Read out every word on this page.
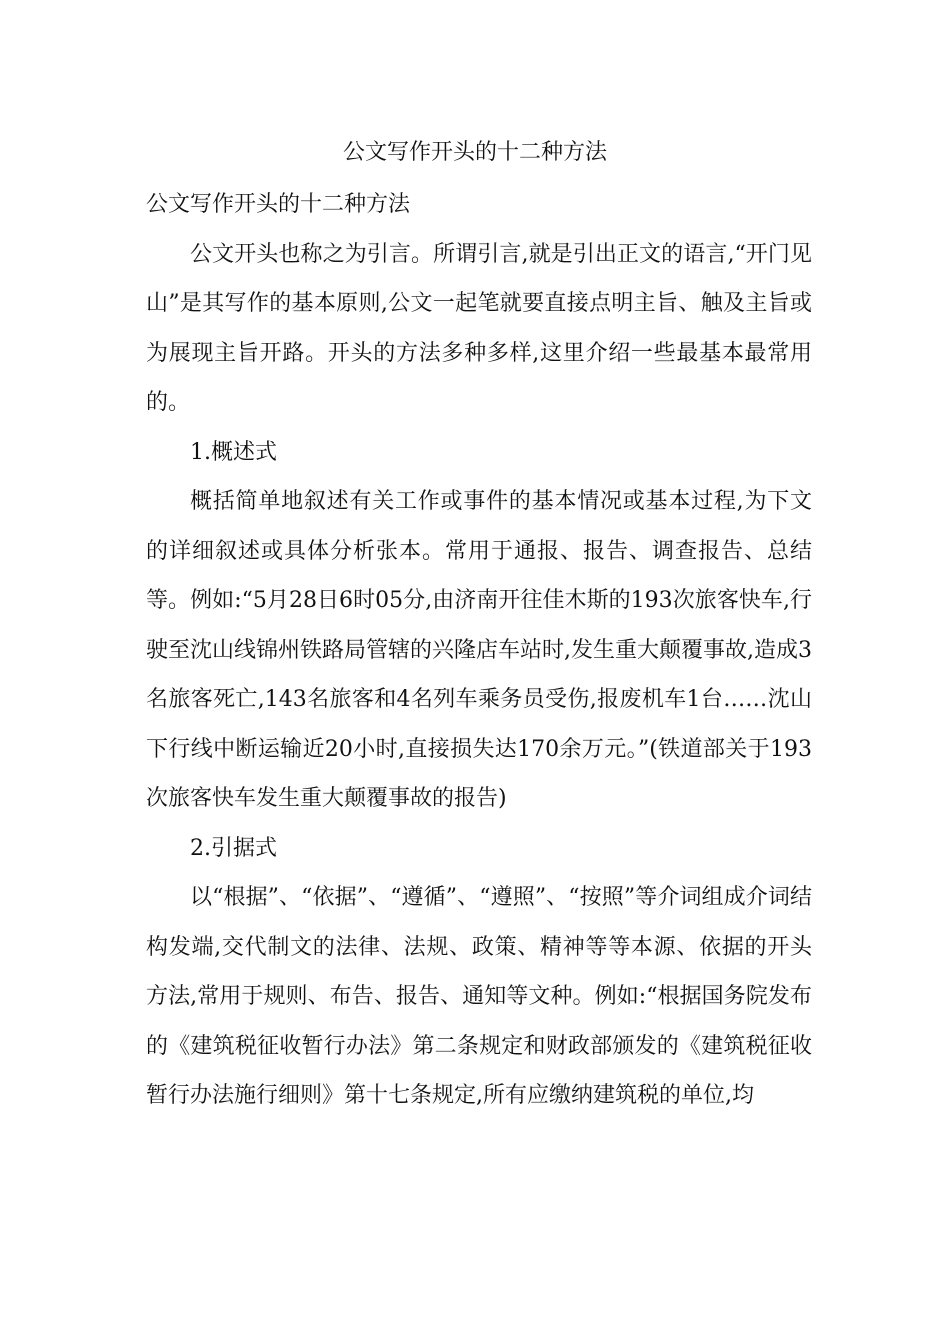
公文写作开头的十二种方法

公文写作开头的十二种方法

公文开头也称之为引言。所谓引言,就是引出正文的语言,“开门见山”是其写作的基本原则,公文一起笔就要直接点明主旨、触及主旨或为展现主旨开路。开头的方法多种多样,这里介绍一些最基本最常用的。

1.概述式

概括简单地叙述有关工作或事件的基本情况或基本过程,为下文的详细叙述或具体分析张本。常用于通报、报告、调查报告、总结等。例如:“5月28日6时05分,由济南开往佳木斯的193次旅客快车,行驶至沈山线锦州铁路局管辖的兴隆店车站时,发生重大颠覆事故,造成3名旅客死亡,143名旅客和4名列车乘务员受伤,报废机车1台……沈山下行线中断运输近20小时,直接损失达170余万元。”(铁道部关于193次旅客快车发生重大颠覆事故的报告)

2.引据式

以“根据”、“依据”、“遵循”、“遵照”、“按照”等介词组成介词结构发端,交代制文的法律、法规、政策、精神等等本源、依据的开头方法,常用于规则、布告、报告、通知等文种。例如:“根据国务院发布的《建筑税征收暂行办法》第二条规定和财政部颁发的《建筑税征收暂行办法施行细则》第十七条规定,所有应缴纳建筑税的单位,均
